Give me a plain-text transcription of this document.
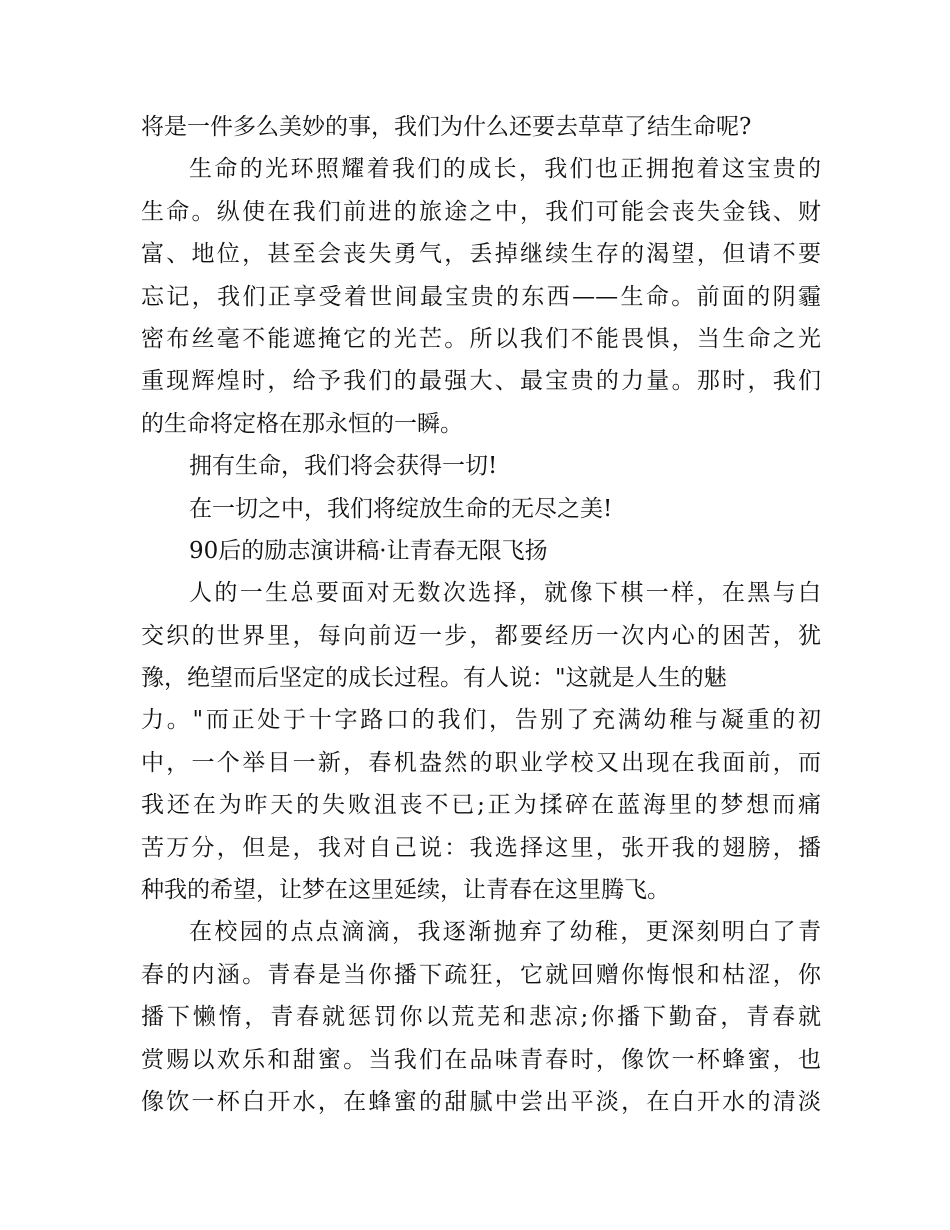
将是一件多么美妙的事，我们为什么还要去草草了结生命呢?
生命的光环照耀着我们的成长，我们也正拥抱着这宝贵的
生命。纵使在我们前进的旅途之中，我们可能会丧失金钱、财
富、地位，甚至会丧失勇气，丢掉继续生存的渴望，但请不要
忘记，我们正享受着世间最宝贵的东西——生命。前面的阴霾
密布丝毫不能遮掩它的光芒。所以我们不能畏惧，当生命之光
重现辉煌时，给予我们的最强大、最宝贵的力量。那时，我们
的生命将定格在那永恒的一瞬。
拥有生命，我们将会获得一切!
在一切之中，我们将绽放生命的无尽之美!
90后的励志演讲稿·让青春无限飞扬
人的一生总要面对无数次选择，就像下棋一样，在黑与白
交织的世界里，每向前迈一步，都要经历一次内心的困苦，犹
豫，绝望而后坚定的成长过程。有人说："这就是人生的魅
力。"而正处于十字路口的我们，告别了充满幼稚与凝重的初
中，一个举目一新，春机盎然的职业学校又出现在我面前，而
我还在为昨天的失败沮丧不已;正为揉碎在蓝海里的梦想而痛
苦万分，但是，我对自己说：我选择这里，张开我的翅膀，播
种我的希望，让梦在这里延续，让青春在这里腾飞。
在校园的点点滴滴，我逐渐抛弃了幼稚，更深刻明白了青
春的内涵。青春是当你播下疏狂，它就回赠你悔恨和枯涩，你
播下懒惰，青春就惩罚你以荒芜和悲凉;你播下勤奋，青春就
赏赐以欢乐和甜蜜。当我们在品味青春时，像饮一杯蜂蜜，也
像饮一杯白开水，在蜂蜜的甜腻中尝出平淡，在白开水的清淡
